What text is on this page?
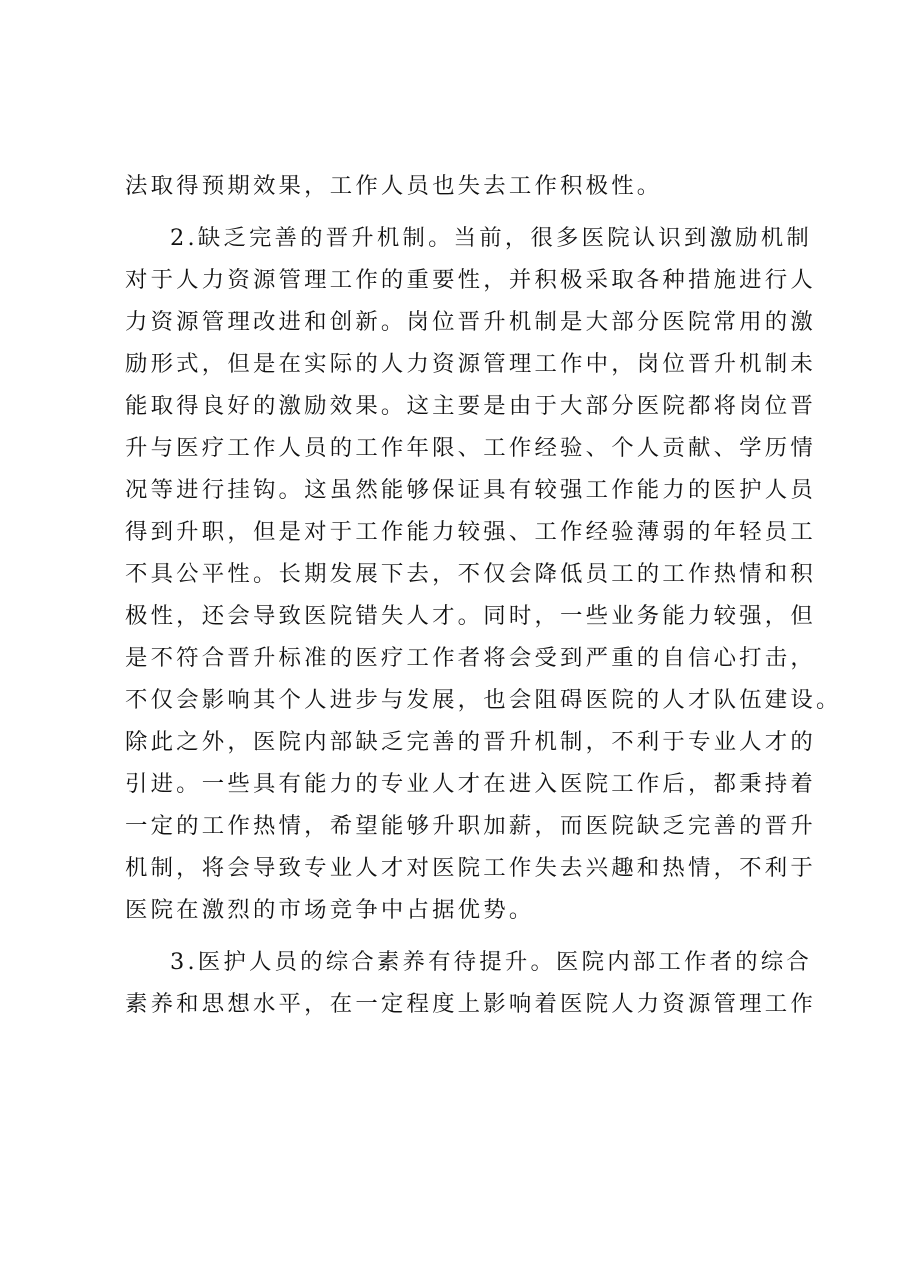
法取得预期效果，工作人员也失去工作积极性。
2.缺乏完善的晋升机制。当前，很多医院认识到激励机制
对于人力资源管理工作的重要性，并积极采取各种措施进行人
力资源管理改进和创新。岗位晋升机制是大部分医院常用的激
励形式，但是在实际的人力资源管理工作中，岗位晋升机制未
能取得良好的激励效果。这主要是由于大部分医院都将岗位晋
升与医疗工作人员的工作年限、工作经验、个人贡献、学历情
况等进行挂钩。这虽然能够保证具有较强工作能力的医护人员
得到升职，但是对于工作能力较强、工作经验薄弱的年轻员工
不具公平性。长期发展下去，不仅会降低员工的工作热情和积
极性，还会导致医院错失人才。同时，一些业务能力较强，但
是不符合晋升标准的医疗工作者将会受到严重的自信心打击，
不仅会影响其个人进步与发展，也会阻碍医院的人才队伍建设。
除此之外，医院内部缺乏完善的晋升机制，不利于专业人才的
引进。一些具有能力的专业人才在进入医院工作后，都秉持着
一定的工作热情，希望能够升职加薪，而医院缺乏完善的晋升
机制，将会导致专业人才对医院工作失去兴趣和热情，不利于
医院在激烈的市场竞争中占据优势。
3.医护人员的综合素养有待提升。医院内部工作者的综合
素养和思想水平，在一定程度上影响着医院人力资源管理工作
